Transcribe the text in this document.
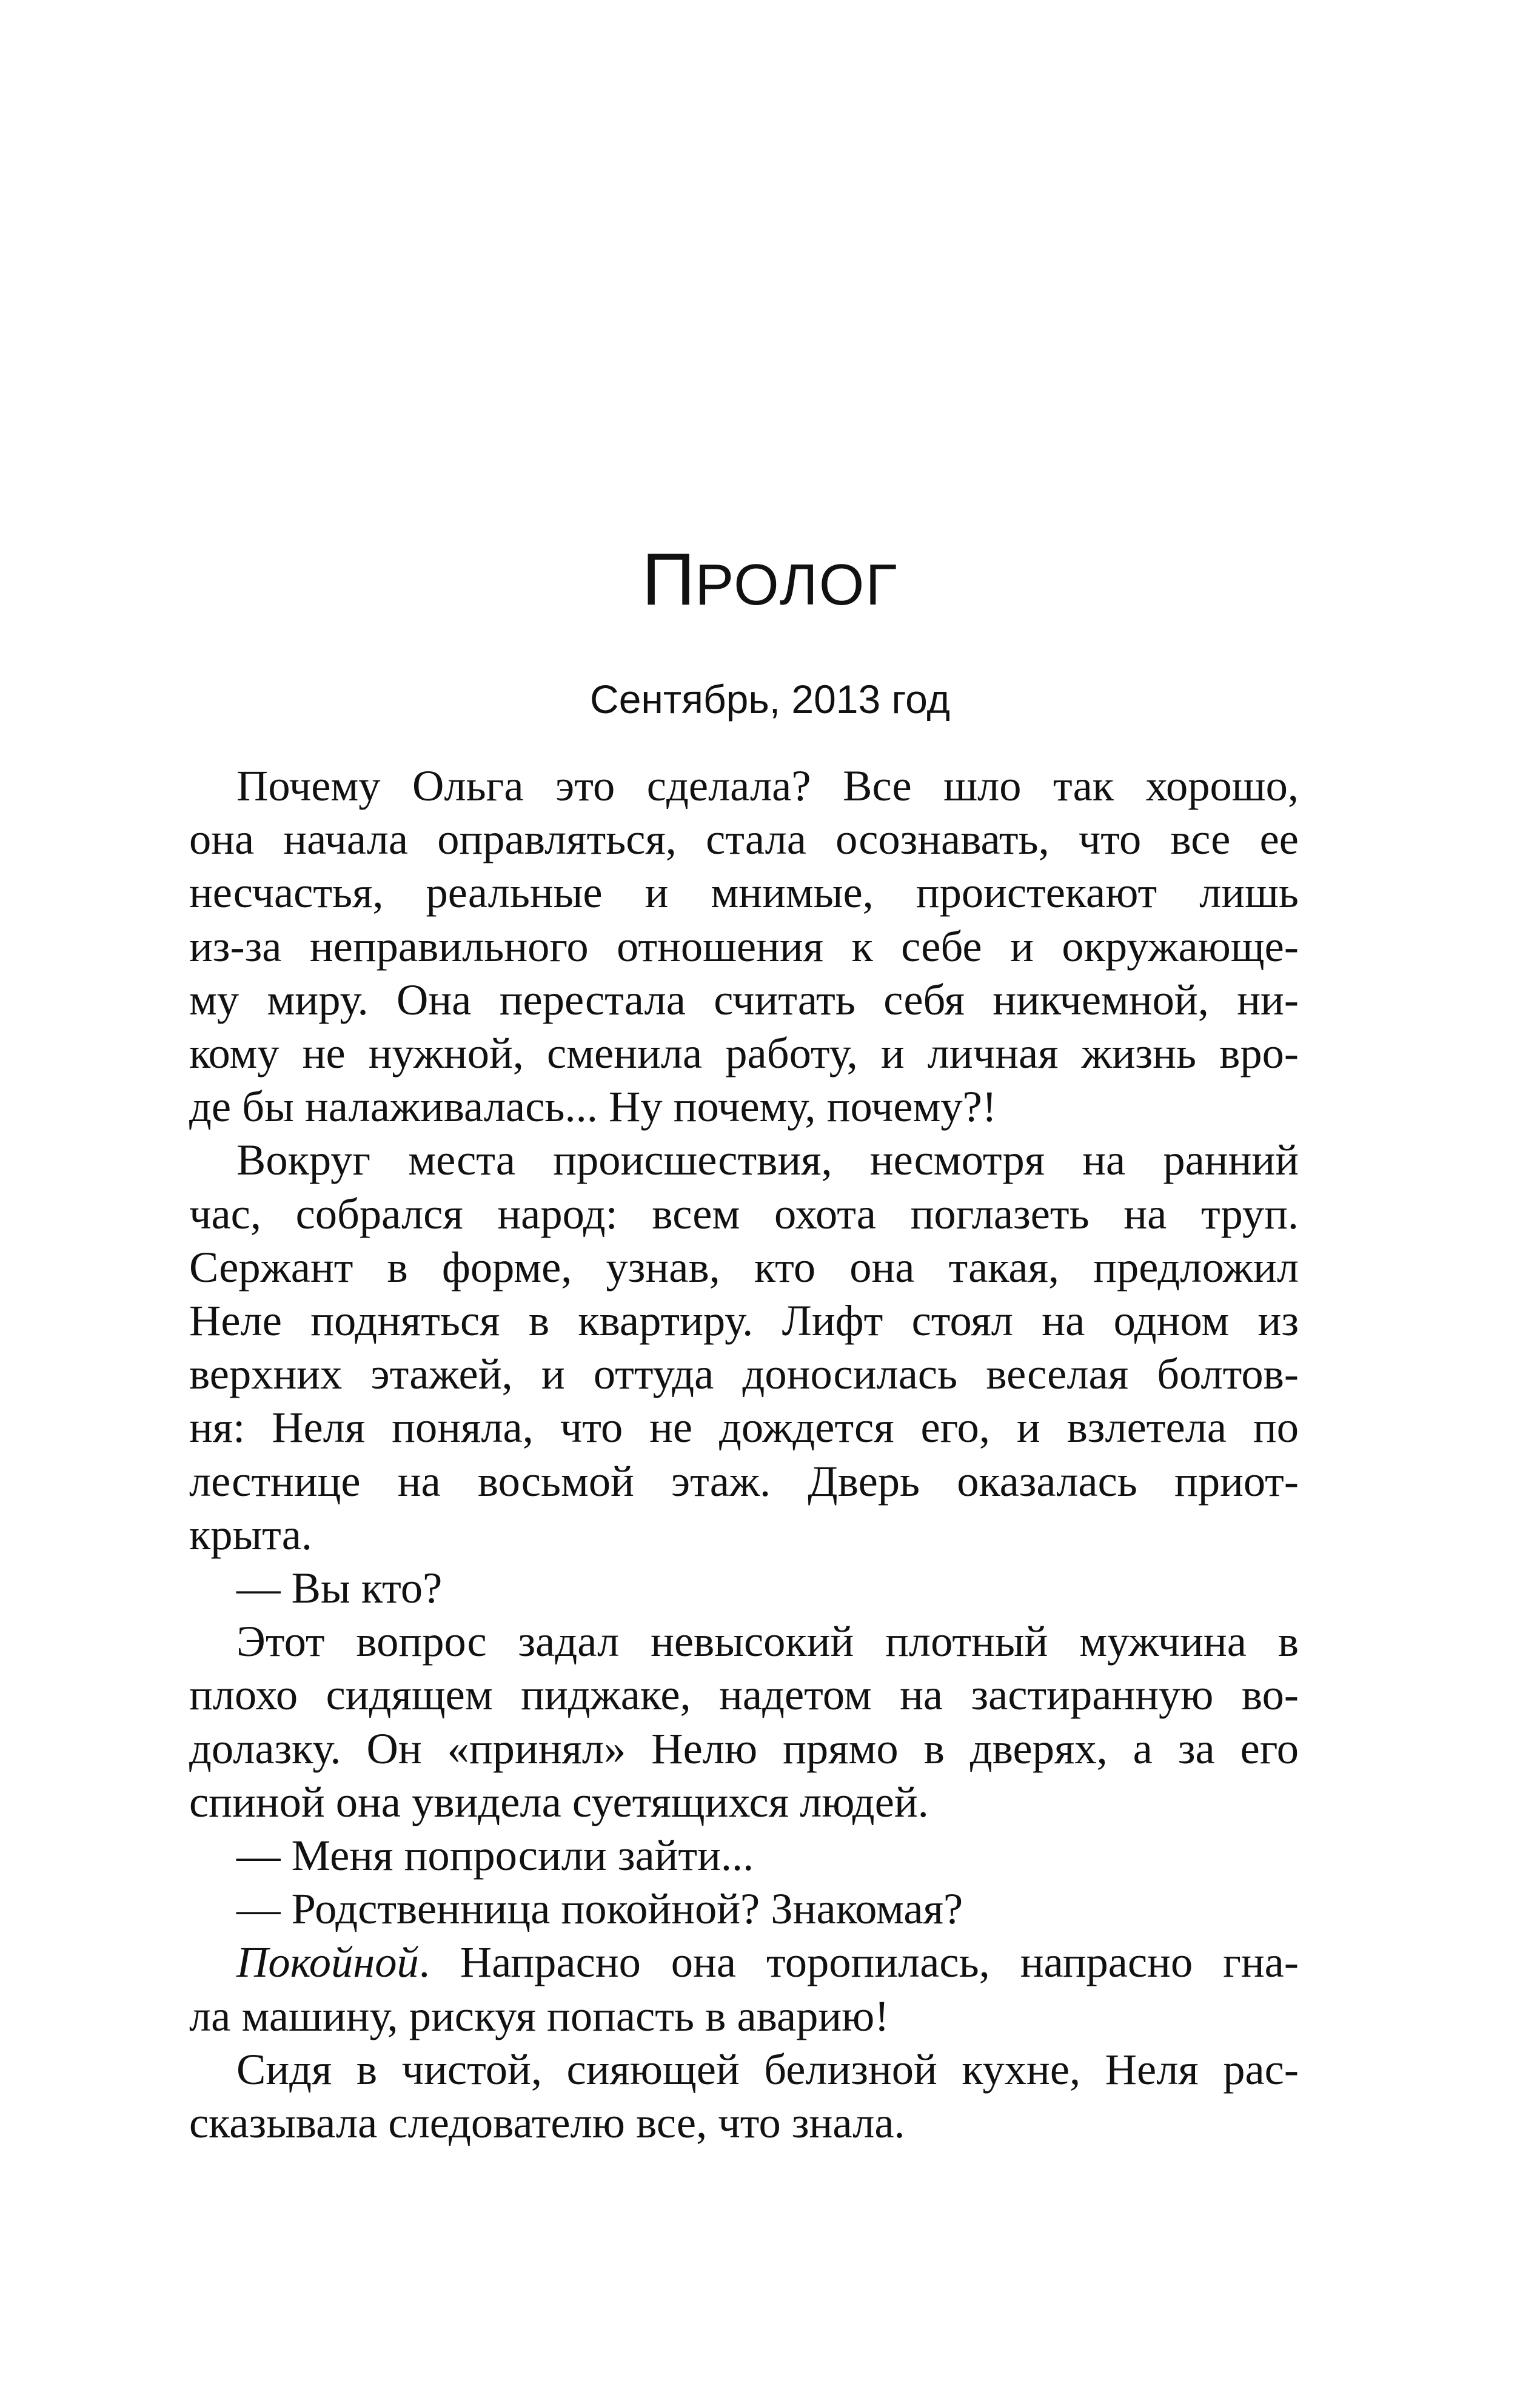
ПРОЛОГ
Сентябрь, 2013 год

Почему Ольга это сделала? Все шло так хорошо,
она начала оправляться, стала осознавать, что все ее
несчастья, реальные и мнимые, проистекают лишь
из-за неправильного отношения к себе и окружающе-
му миру. Она перестала считать себя никчемной, ни-
кому не нужной, сменила работу, и личная жизнь вро-
де бы налаживалась... Ну почему, почему?!

Вокруг места происшествия, несмотря на ранний
час, собрался народ: всем охота поглазеть на труп.
Сержант в форме, узнав, кто она такая, предложил
Неле подняться в квартиру. Лифт стоял на одном из
верхних этажей, и оттуда доносилась веселая болтов-
ня: Неля поняла, что не дождется его, и взлетела по
лестнице на восьмой этаж. Дверь оказалась приот-
крыта.

— Вы кто?

Этот вопрос задал невысокий плотный мужчина в
плохо сидящем пиджаке, надетом на застиранную во-
долазку. Он «принял» Нелю прямо в дверях, а за его
спиной она увидела суетящихся людей.

— Меня попросили зайти...

— Родственница покойной? Знакомая?

Покойной. Напрасно она торопилась, напрасно гна-
ла машину, рискуя попасть в аварию!

Сидя в чистой, сияющей белизной кухне, Неля рас-
сказывала следователю все, что знала.
